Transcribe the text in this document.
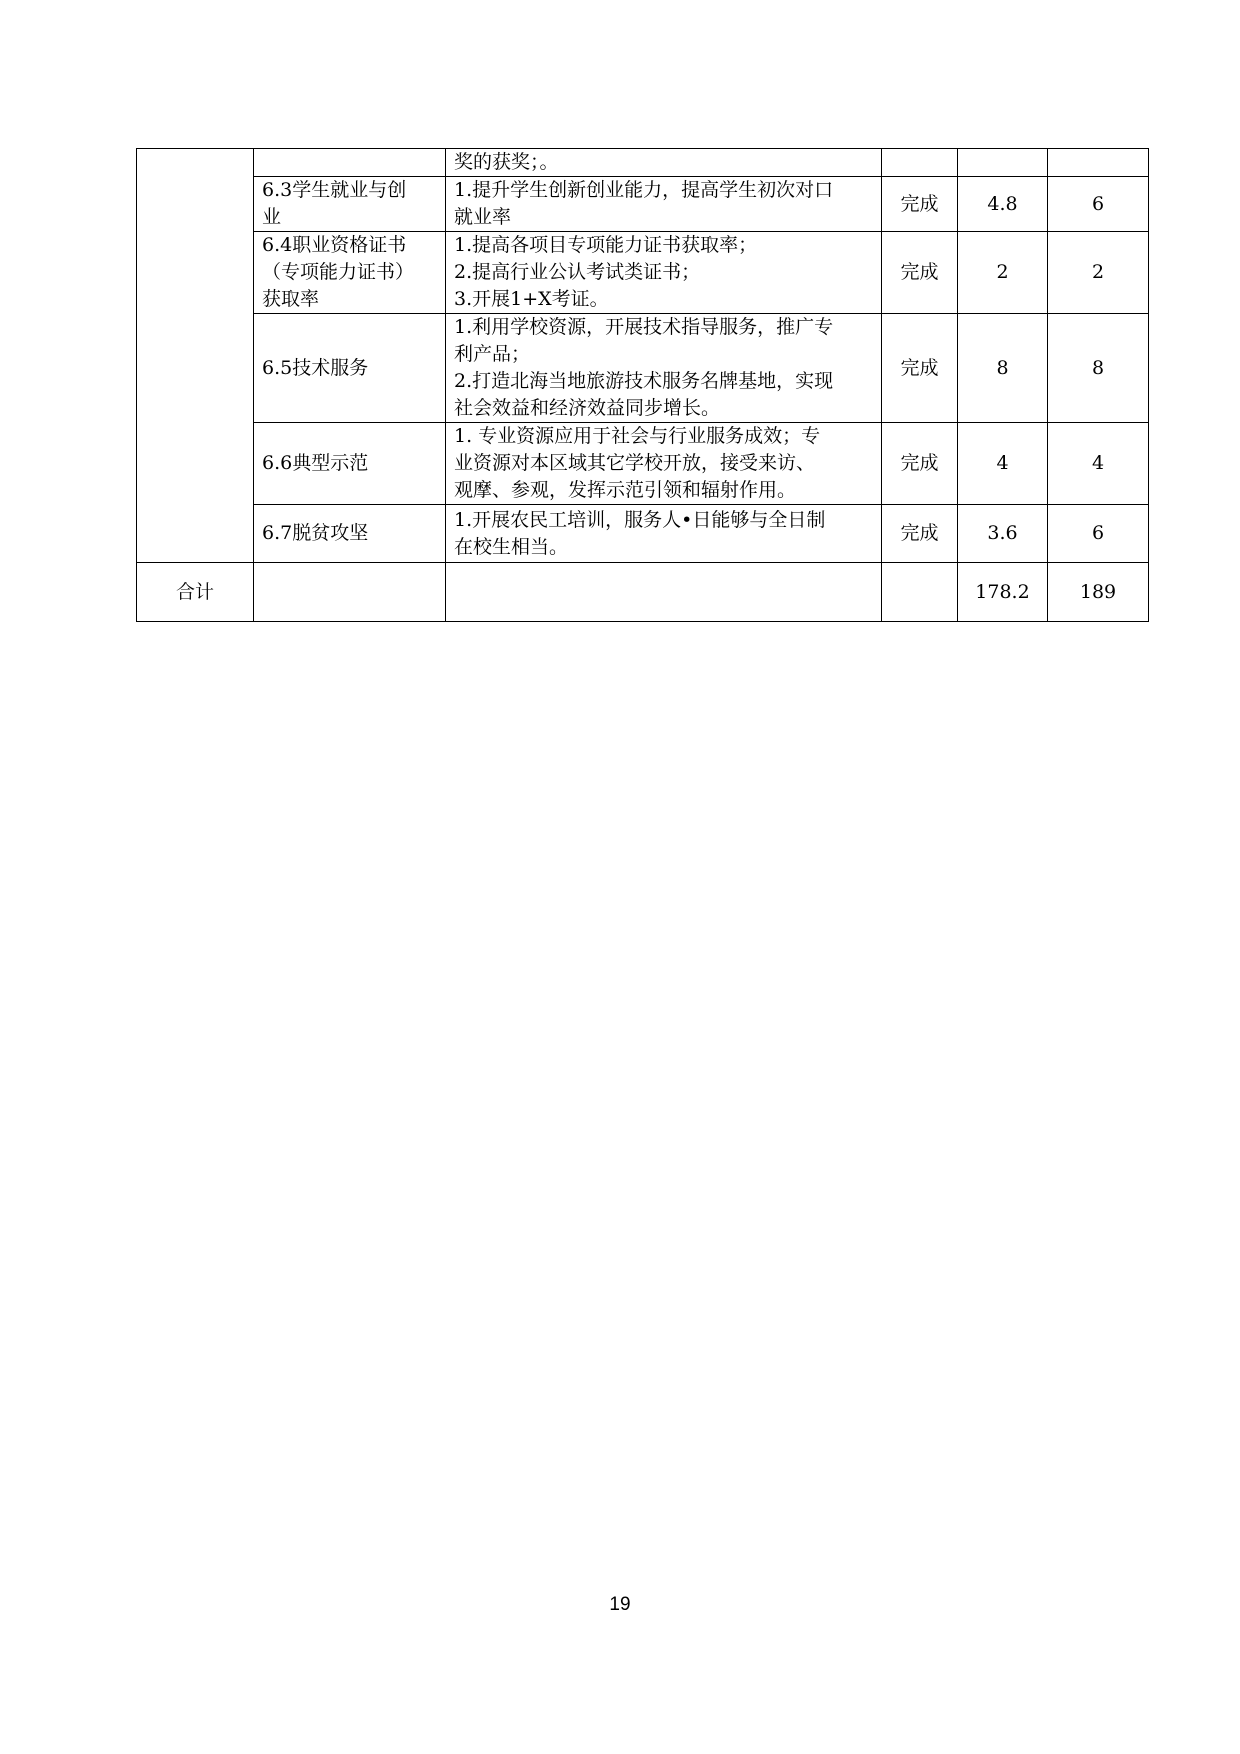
		奖的获奖；。			

	6.3学生就业与创
业	1.提升学生创新创业能力，提高学生初次对口
就业率	完成	4.8	6

	6.4职业资格证书
（专项能力证书）
获取率	1.提高各项目专项能力证书获取率；
2.提高行业公认考试类证书；
3.开展1+X考证。	完成	2	2

	6.5技术服务	1.利用学校资源，开展技术指导服务，推广专
利产品；
2.打造北海当地旅游技术服务名牌基地，实现
社会效益和经济效益同步增长。	完成	8	8

	6.6典型示范	1. 专业资源应用于社会与行业服务成效；专
业资源对本区域其它学校开放，接受来访、
观摩、参观，发挥示范引领和辐射作用。	完成	4	4

	6.7脱贫攻坚	1.开展农民工培训，服务人•日能够与全日制
在校生相当。	完成	3.6	6
合计				178.2	189
19
